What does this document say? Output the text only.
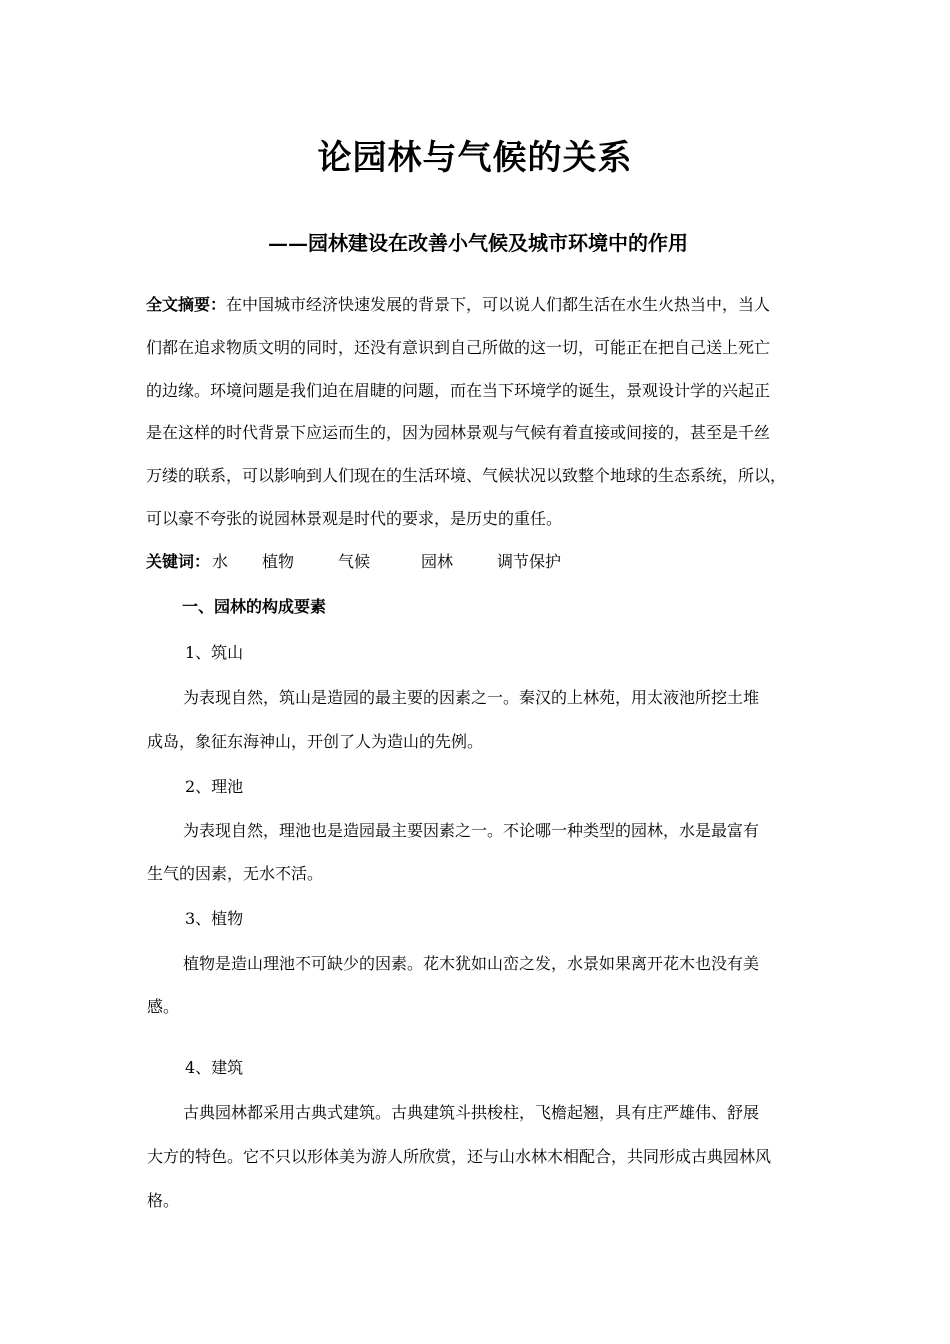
论园林与气候的关系
——园林建设在改善小气候及城市环境中的作用

全文摘要：在中国城市经济快速发展的背景下，可以说人们都生活在水生火热当中，当人

们都在追求物质文明的同时，还没有意识到自己所做的这一切，可能正在把自己送上死亡

的边缘。环境问题是我们迫在眉睫的问题，而在当下环境学的诞生，景观设计学的兴起正

是在这样的时代背景下应运而生的，因为园林景观与气候有着直接或间接的，甚至是千丝

万缕的联系，可以影响到人们现在的生活环境、气候状况以致整个地球的生态系统，所以，

可以豪不夸张的说园林景观是时代的要求，是历史的重任。

关键词： 水 植物	气候	园林	调节保护
一、园林的构成要素

1、筑山

为表现自然，筑山是造园的最主要的因素之一。秦汉的上林苑，用太液池所挖土堆

成岛，象征东海神山，开创了人为造山的先例。

2、理池

为表现自然，理池也是造园最主要因素之一。不论哪一种类型的园林，水是最富有

生气的因素，无水不活。

3、植物

植物是造山理池不可缺少的因素。花木犹如山峦之发，水景如果离开花木也没有美

感。

4、建筑

古典园林都采用古典式建筑。古典建筑斗拱梭柱，飞檐起翘，具有庄严雄伟、舒展

大方的特色。它不只以形体美为游人所欣赏，还与山水林木相配合，共同形成古典园林风

格。
